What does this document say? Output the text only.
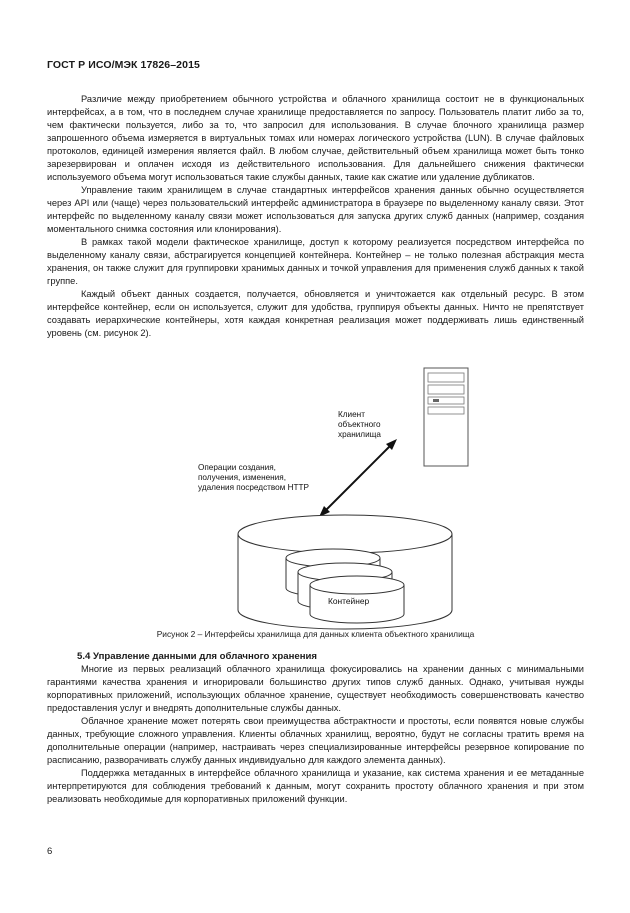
ГОСТ Р ИСО/МЭК 17826–2015

Различие между приобретением обычного устройства и облачного хранилища состоит не в функциональных интерфейсах, а в том, что в последнем случае хранилище предоставляется по запросу. Пользователь платит либо за то, чем фактически пользуется, либо за то, что запросил для использования. В случае блочного хранилища размер запрошенного объема измеряется в виртуальных томах или номерах логического устройства (LUN). В случае файловых протоколов, единицей измерения является файл. В любом случае, действительный объем хранилища может быть тонко зарезервирован и оплачен исходя из действительного использования. Для дальнейшего снижения фактически используемого объема могут использоваться такие службы данных, такие как сжатие или удаление дубликатов.

Управление таким хранилищем в случае стандартных интерфейсов хранения данных обычно осуществляется через API или (чаще) через пользовательский интерфейс администратора в браузере по выделенному каналу связи. Этот интерфейс по выделенному каналу связи может использоваться для запуска других служб данных (например, создания моментального снимка состояния или клонирования).

В рамках такой модели фактическое хранилище, доступ к которому реализуется посредством интерфейса по выделенному каналу связи, абстрагируется концепцией контейнера. Контейнер – не только полезная абстракция места хранения, он также служит для группировки хранимых данных и точкой управления для применения служб данных к такой группе.

Каждый объект данных создается, получается, обновляется и уничтожается как отдельный ресурс. В этом интерфейсе контейнер, если он используется, служит для удобства, группируя объекты данных. Ничто не препятствует создавать иерархические контейнеры, хотя каждая конкретная реализация может поддерживать лишь единственный уровень (см. рисунок 2).

Клиент
объектного
хранилища
Операции создания,
получения, изменения,
удаления посредством HTTP
Контейнер
Рисунок 2 – Интерфейсы хранилища для данных клиента объектного хранилища

5.4 Управление данными для облачного хранения

Многие из первых реализаций облачного хранилища фокусировались на хранении данных с минимальными гарантиями качества хранения и игнорировали большинство других типов служб данных. Однако, учитывая нужды корпоративных приложений, использующих облачное хранение, существует необходимость совершенствовать качество предоставления услуг и внедрять дополнительные службы данных.

Облачное хранение может потерять свои преимущества абстрактности и простоты, если появятся новые службы данных, требующие сложного управления. Клиенты облачных хранилищ, вероятно, будут не согласны тратить время на дополнительные операции (например, настраивать через специализированные интерфейсы резервное копирование по расписанию, разворачивать службу данных индивидуально для каждого элемента данных).

Поддержка метаданных в интерфейсе облачного хранилища и указание, как система хранения и ее метаданные интерпретируются для соблюдения требований к данным, могут сохранить простоту облачного хранения и при этом реализовать необходимые для корпоративных приложений функции.

6
